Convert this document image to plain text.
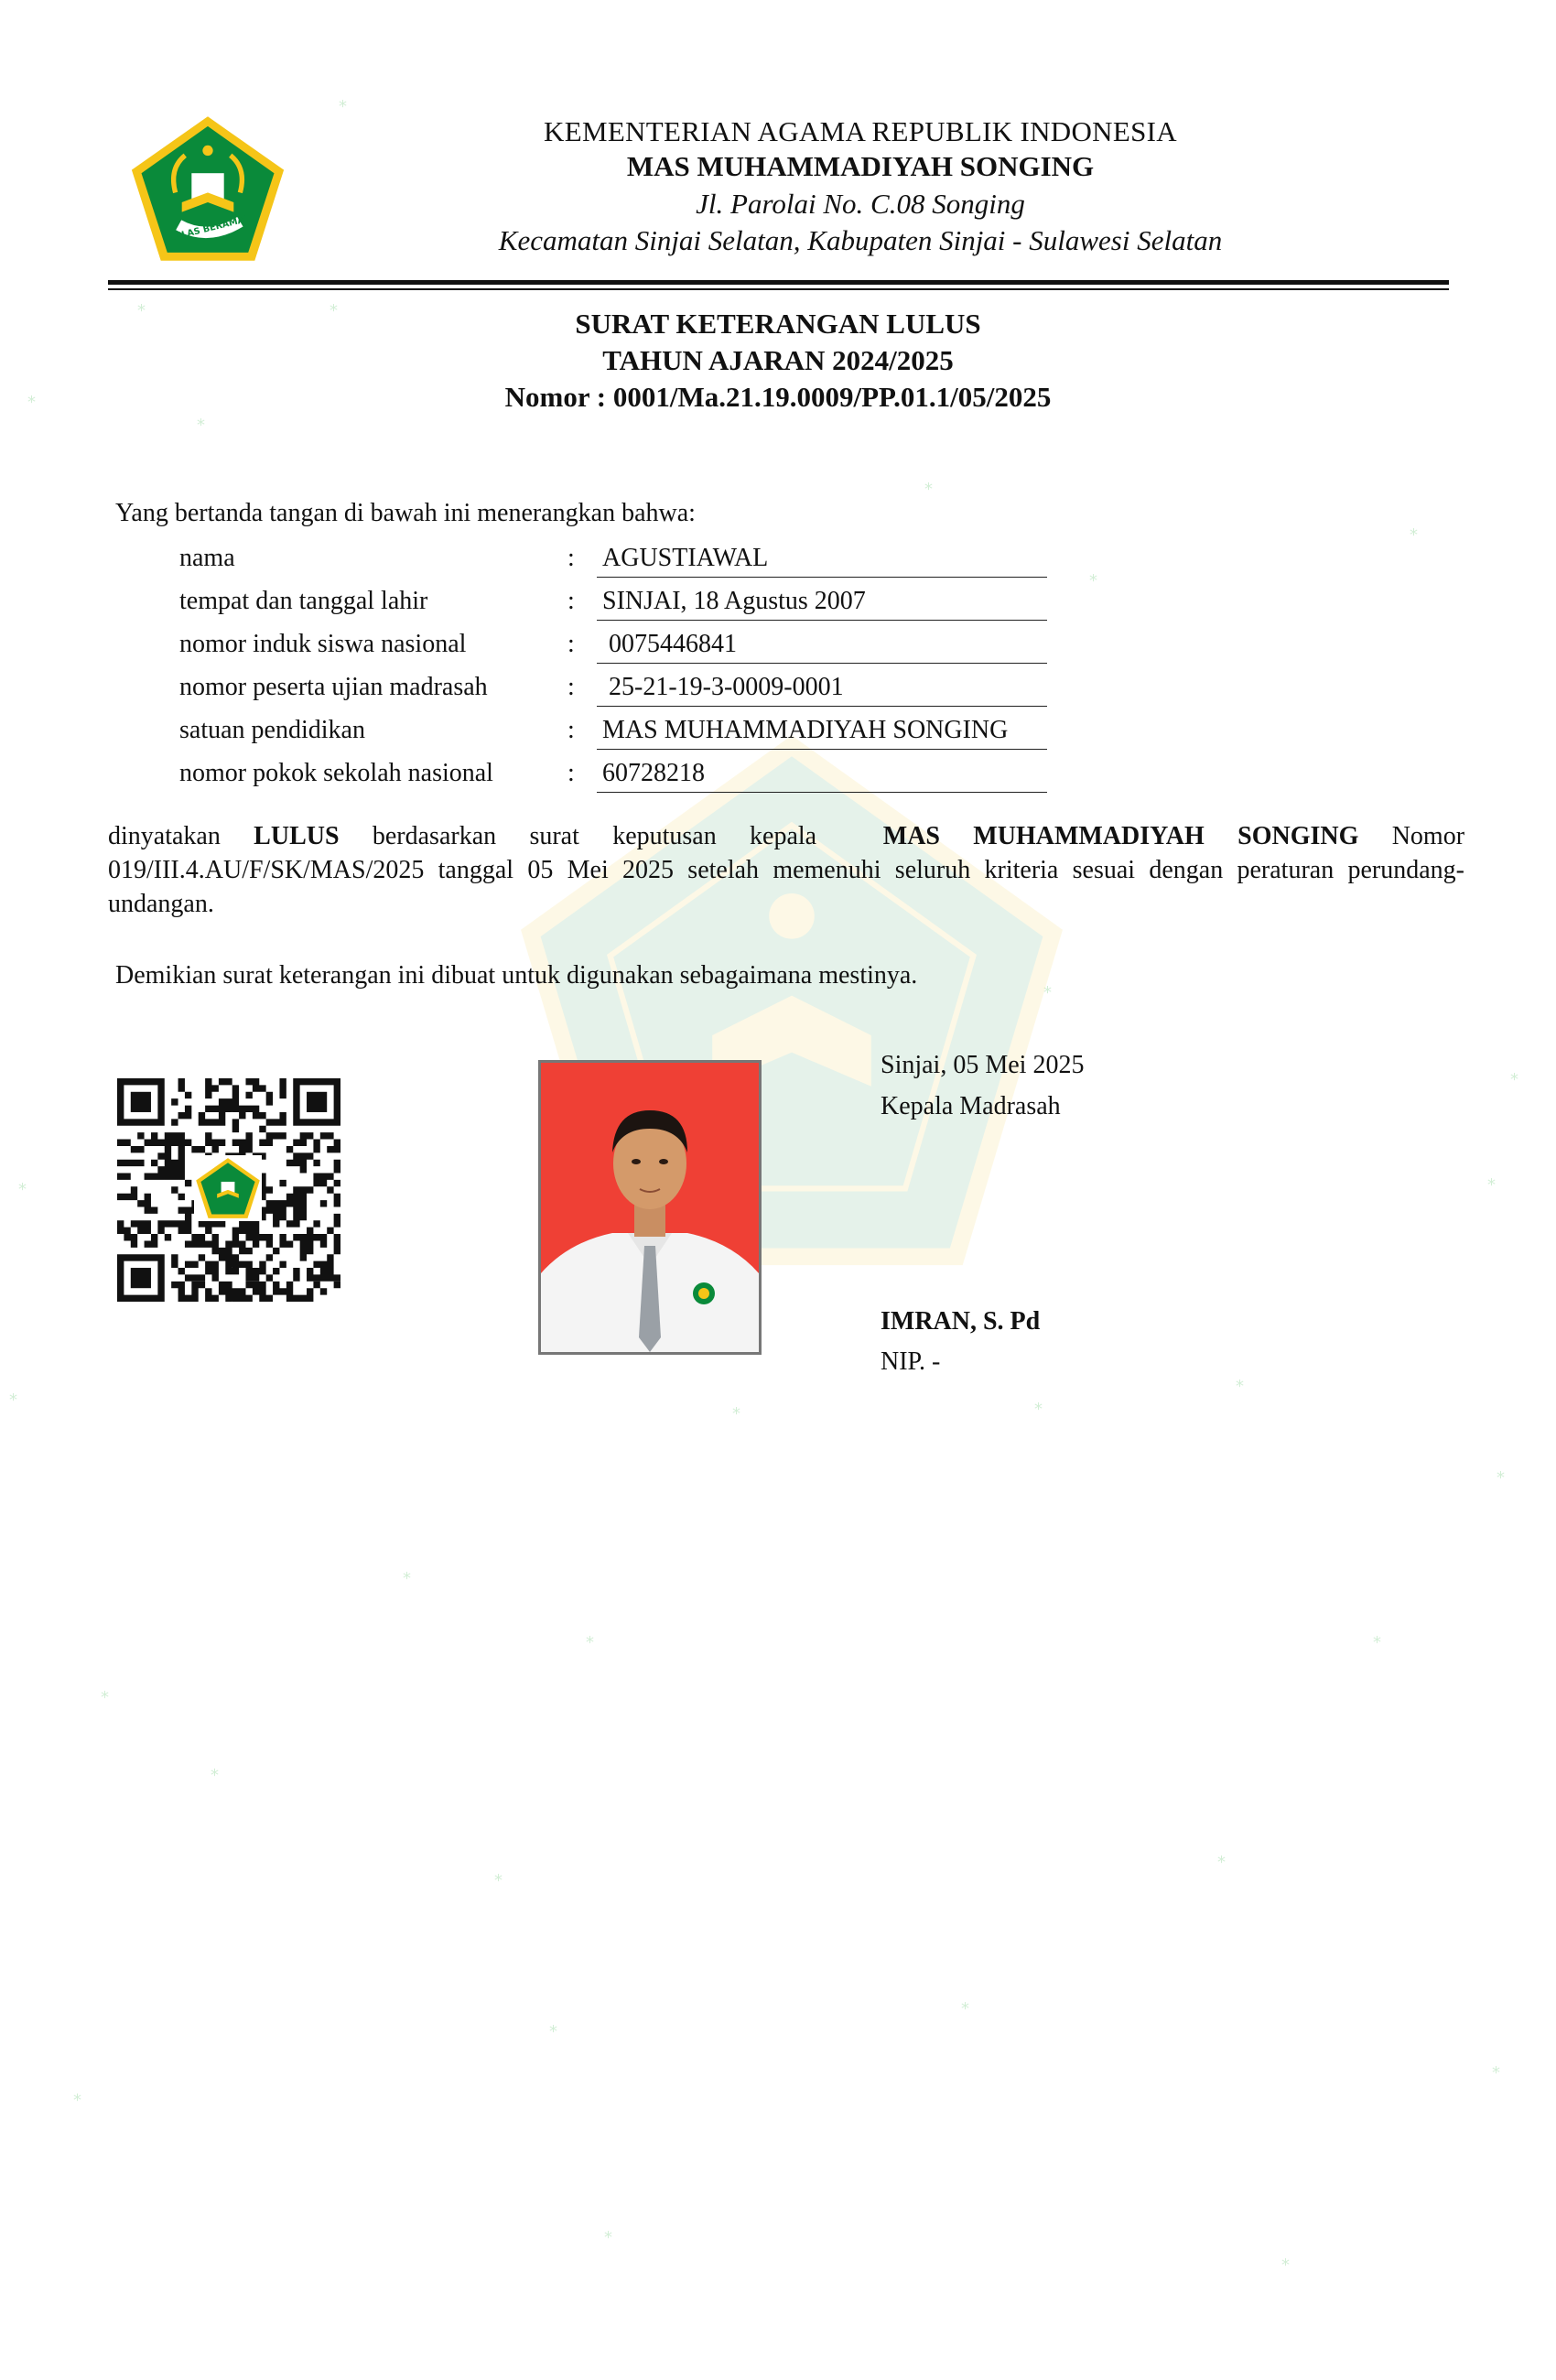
*
*	*
*
*
*
*
*
*
*	*
*
*
*
*
*
*	*
*
*
*
*
*
*
*
*
*
*
*
*
IKHLAS BERAMAL
KEMENTERIAN AGAMA REPUBLIK INDONESIA
MAS MUHAMMADIYAH SONGING
Jl. Parolai No. C.08 Songing
Kecamatan Sinjai Selatan, Kabupaten Sinjai - Sulawesi Selatan
SURAT KETERANGAN LULUS
TAHUN AJARAN 2024/2025
Nomor : 0001/Ma.21.19.0009/PP.01.1/05/2025
Yang bertanda tangan di bawah ini menerangkan bahwa:
nama	: AGUSTIAWAL
tempat dan tanggal lahir	: SINJAI, 18 Agustus 2007
nomor induk siswa nasional	: 0075446841
nomor peserta ujian madrasah	: 25-21-19-3-0009-0001
satuan pendidikan	: MAS MUHAMMADIYAH SONGING
nomor pokok sekolah nasional	: 60728218
dinyatakan LULUS berdasarkan surat keputusan kepala	MAS MUHAMMADIYAH SONGING Nomor 019/III.4.AU/F/SK/MAS/2025 tanggal 05 Mei 2025 setelah memenuhi seluruh kriteria sesuai dengan peraturan perundang-undangan.
Demikian surat keterangan ini dibuat untuk digunakan sebagaimana mestinya.
Sinjai, 05 Mei 2025
Kepala Madrasah
IMRAN, S. Pd
NIP. -
